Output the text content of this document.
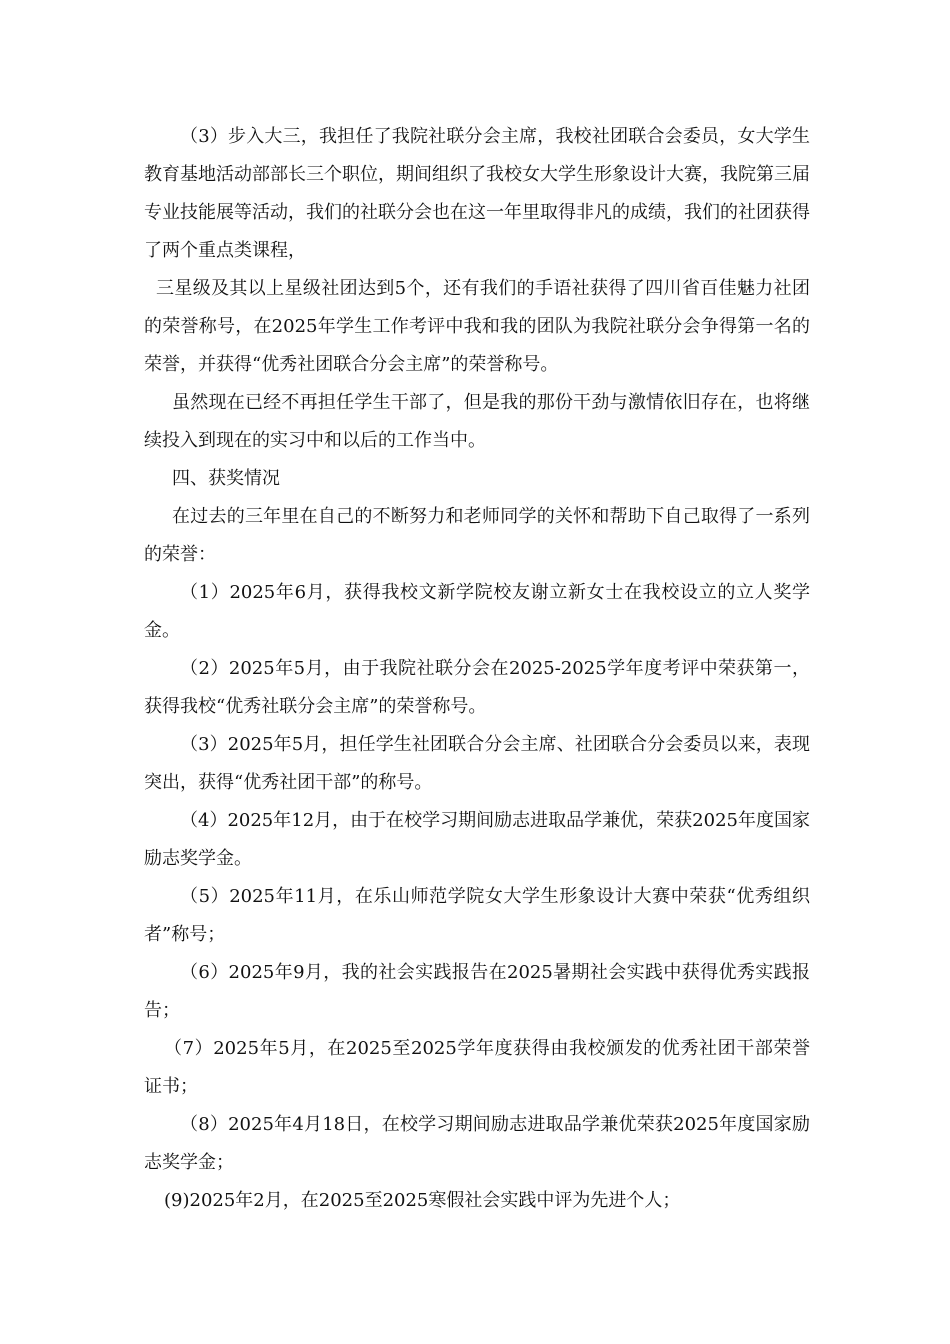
（3）步入大三，我担任了我院社联分会主席，我校社团联合会委员，女大学生教育基地活动部部长三个职位，期间组织了我校女大学生形象设计大赛，我院第三届专业技能展等活动，我们的社联分会也在这一年里取得非凡的成绩，我们的社团获得了两个重点类课程，

三星级及其以上星级社团达到5个，还有我们的手语社获得了四川省百佳魅力社团的荣誉称号，在2025年学生工作考评中我和我的团队为我院社联分会争得第一名的荣誉，并获得“优秀社团联合分会主席”的荣誉称号。

虽然现在已经不再担任学生干部了，但是我的那份干劲与激情依旧存在，也将继续投入到现在的实习中和以后的工作当中。

四、获奖情况

在过去的三年里在自己的不断努力和老师同学的关怀和帮助下自己取得了一系列的荣誉：

（1）2025年6月，获得我校文新学院校友谢立新女士在我校设立的立人奖学金。

（2）2025年5月，由于我院社联分会在2025-2025学年度考评中荣获第一，获得我校“优秀社联分会主席”的荣誉称号。

（3）2025年5月，担任学生社团联合分会主席、社团联合分会委员以来，表现突出，获得“优秀社团干部”的称号。

（4）2025年12月，由于在校学习期间励志进取品学兼优，荣获2025年度国家励志奖学金。

（5）2025年11月，在乐山师范学院女大学生形象设计大赛中荣获“优秀组织者”称号；

（6）2025年9月，我的社会实践报告在2025暑期社会实践中获得优秀实践报告；

（7）2025年5月，在2025至2025学年度获得由我校颁发的优秀社团干部荣誉证书；

（8）2025年4月18日，在校学习期间励志进取品学兼优荣获2025年度国家励志奖学金；

(9)2025年2月，在2025至2025寒假社会实践中评为先进个人；
